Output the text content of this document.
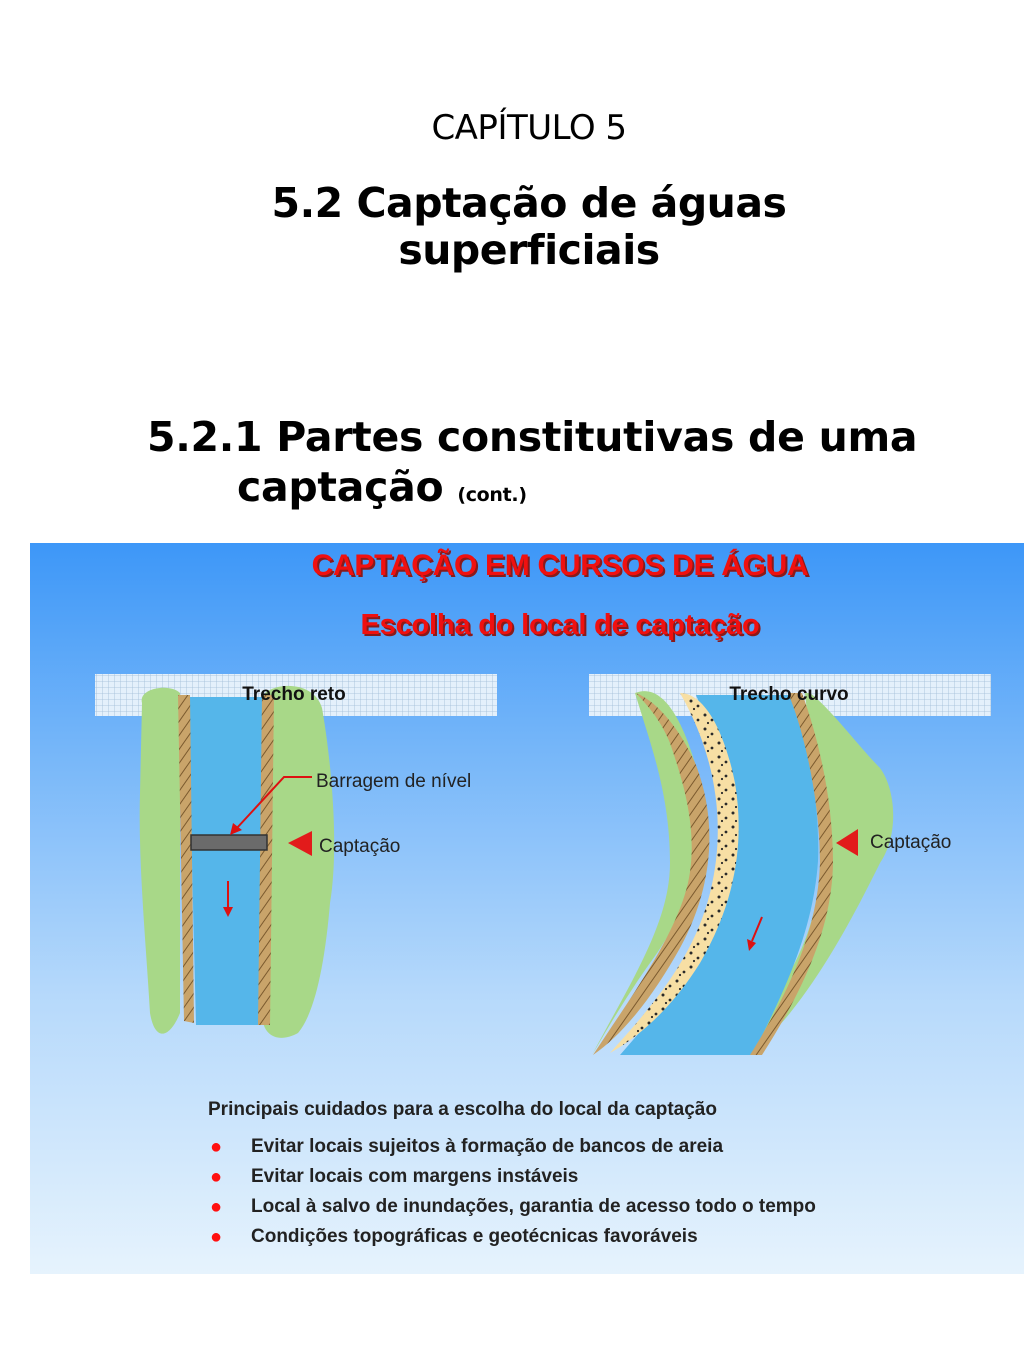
CAPÍTULO 5
5.2 Captação de águas
superficiais
5.2.1 Partes constitutivas de uma
captação (cont.)
CAPTAÇÃO EM CURSOS DE ÁGUA
Escolha do local de captação
Trecho reto
Barragem de nível
Captação
Trecho curvo
Captação
Principais cuidados para a escolha do local da captação
● Evitar locais sujeitos à formação de bancos de areia
● Evitar locais com margens instáveis
● Local à salvo de inundações, garantia de acesso todo o tempo
● Condições topográficas e geotécnicas favoráveis
